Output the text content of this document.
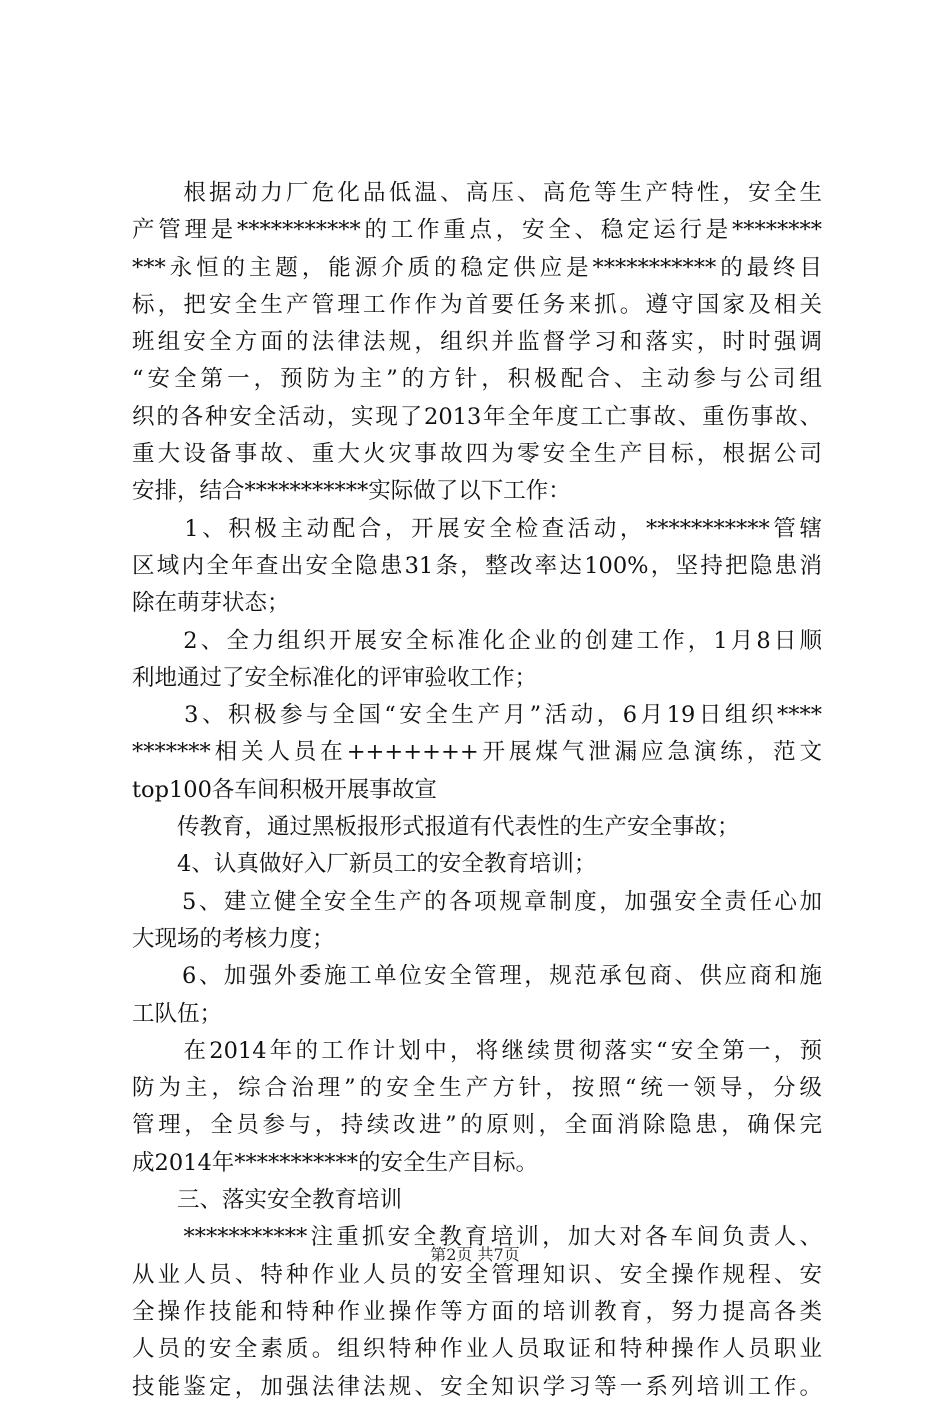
　　根据动力厂危化品低温、高压、高危等生产特性，安全生
产管理是***********的工作重点，安全、稳定运行是********
***永恒的主题，能源介质的稳定供应是***********的最终目
标，把安全生产管理工作作为首要任务来抓。遵守国家及相关
班组安全方面的法律法规，组织并监督学习和落实，时时强调
“安全第一，预防为主”的方针，积极配合、主动参与公司组
织的各种安全活动，实现了2013年全年度工亡事故、重伤事故、
重大设备事故、重大火灾事故四为零安全生产目标，根据公司
安排，结合***********实际做了以下工作：
　　1、积极主动配合，开展安全检查活动，***********管辖
区域内全年查出安全隐患31条，整改率达100%，坚持把隐患消
除在萌芽状态；
　　2、全力组织开展安全标准化企业的创建工作，1月8日顺
利地通过了安全标准化的评审验收工作；
　　3、积极参与全国“安全生产月”活动，6月19日组织****
*******相关人员在+++++++开展煤气泄漏应急演练，范文
top100各车间积极开展事故宣
　　传教育，通过黑板报形式报道有代表性的生产安全事故；
　　4、认真做好入厂新员工的安全教育培训；
　　5、建立健全安全生产的各项规章制度，加强安全责任心加
大现场的考核力度；
　　6、加强外委施工单位安全管理，规范承包商、供应商和施
工队伍；
　　在2014年的工作计划中，将继续贯彻落实“安全第一，预
防为主，综合治理”的安全生产方针，按照“统一领导，分级
管理，全员参与，持续改进”的原则，全面消除隐患，确保完
成2014年***********的安全生产目标。
　　三、落实安全教育培训
　　***********注重抓安全教育培训，加大对各车间负责人、
从业人员、特种作业人员的安全管理知识、安全操作规程、安
全操作技能和特种作业操作等方面的培训教育，努力提高各类
人员的安全素质。组织特种作业人员取证和特种操作人员职业
技能鉴定，加强法律法规、安全知识学习等一系列培训工作。
第2页 共7页
